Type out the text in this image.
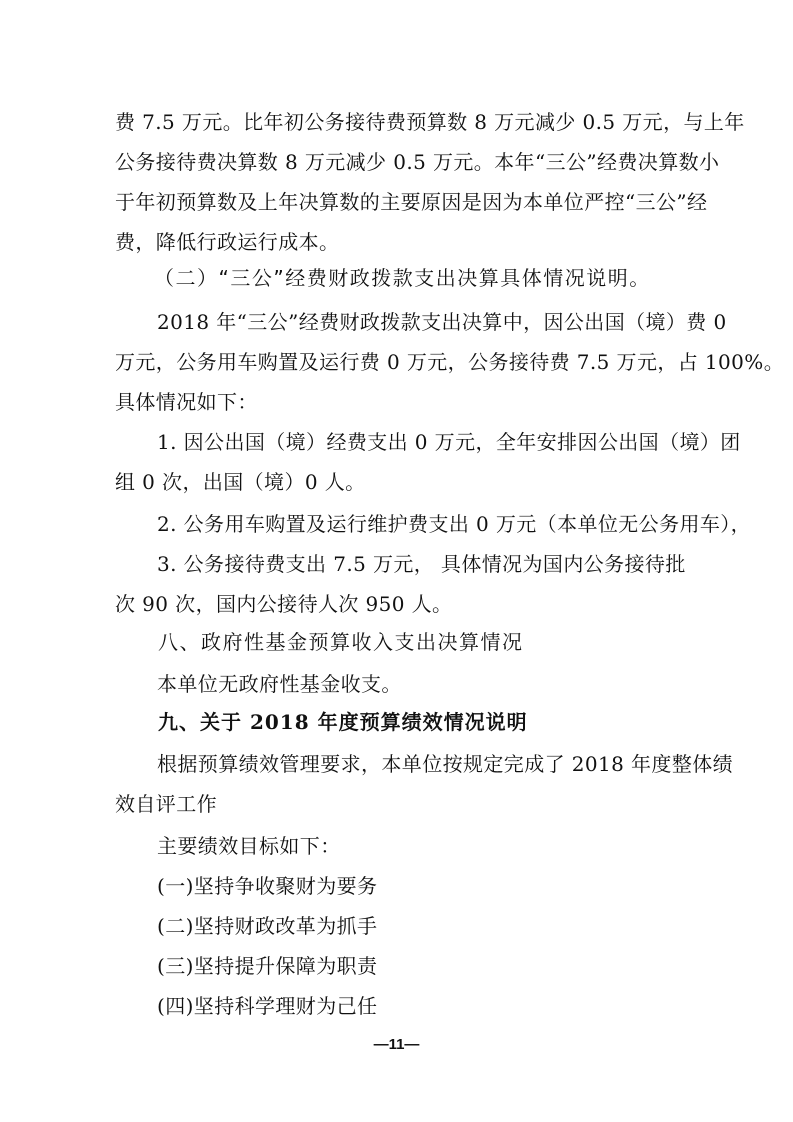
费 7.5 万元。比年初公务接待费预算数 8 万元减少 0.5 万元，与上年

公务接待费决算数 8 万元减少 0.5 万元。本年“三公”经费决算数小

于年初预算数及上年决算数的主要原因是因为本单位严控“三公”经

费，降低行政运行成本。

（二）“三公”经费财政拨款支出决算具体情况说明。

2018 年“三公”经费财政拨款支出决算中，因公出国（境）费 0

万元，公务用车购置及运行费 0 万元，公务接待费 7.5 万元，占 100%。

具体情况如下：

1. 因公出国（境）经费支出 0 万元，全年安排因公出国（境）团

组 0 次，出国（境）0 人。

2. 公务用车购置及运行维护费支出 0 万元（本单位无公务用车），

3. 公务接待费支出 7.5 万元， 具体情况为国内公务接待批

次 90 次，国内公接待人次 950 人。

八、政府性基金预算收入支出决算情况

本单位无政府性基金收支。

九、关于 2018 年度预算绩效情况说明

根据预算绩效管理要求，本单位按规定完成了 2018 年度整体绩

效自评工作

主要绩效目标如下：

(一)坚持争收聚财为要务

(二)坚持财政改革为抓手

(三)坚持提升保障为职责

(四)坚持科学理财为己任

—11—
